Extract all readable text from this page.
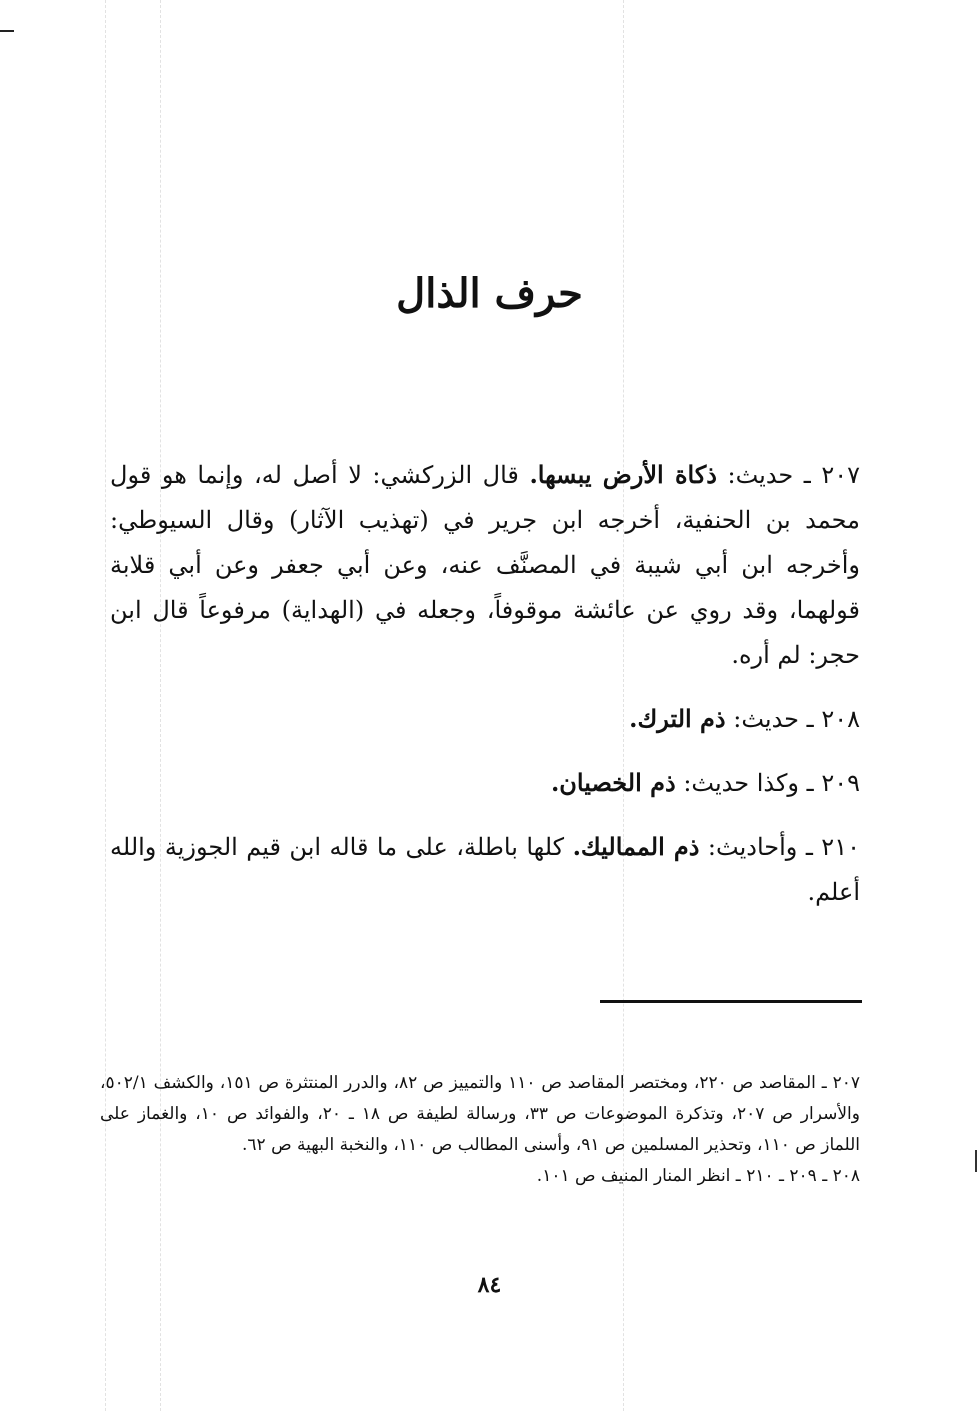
حرف الذال

٢٠٧ ـ حديث: ذكاة الأرض يبسها. قال الزركشي: لا أصل له، وإنما هو قول محمد بن الحنفية، أخرجه ابن جرير في (تهذيب الآثار) وقال السيوطي: وأخرجه ابن أبي شيبة في المصنَّف عنه، وعن أبي جعفر وعن أبي قلابة قولهما، وقد روي عن عائشة موقوفاً، وجعله في (الهداية) مرفوعاً قال ابن حجر: لم أره.

٢٠٨ ـ حديث: ذم الترك.

٢٠٩ ـ وكذا حديث: ذم الخصيان.

٢١٠ ـ وأحاديث: ذم المماليك. كلها باطلة، على ما قاله ابن قيم الجوزية والله أعلم.

٢٠٧ ـ المقاصد ص ٢٢٠، ومختصر المقاصد ص ١١٠ والتمييز ص ٨٢، والدرر المنتثرة ص ١٥١، والكشف ٥٠٢/١، والأسرار ص ٢٠٧، وتذكرة الموضوعات ص ٣٣، ورسالة لطيفة ص ١٨ ـ ٢٠، والفوائد ص ١٠، والغماز على اللماز ص ١١٠، وتحذير المسلمين ص ٩١، وأسنى المطالب ص ١١٠، والنخبة البهية ص ٦٢.

٢٠٨ ـ ٢٠٩ ـ ٢١٠ ـ انظر المنار المنيف ص ١٠١.

٨٤
